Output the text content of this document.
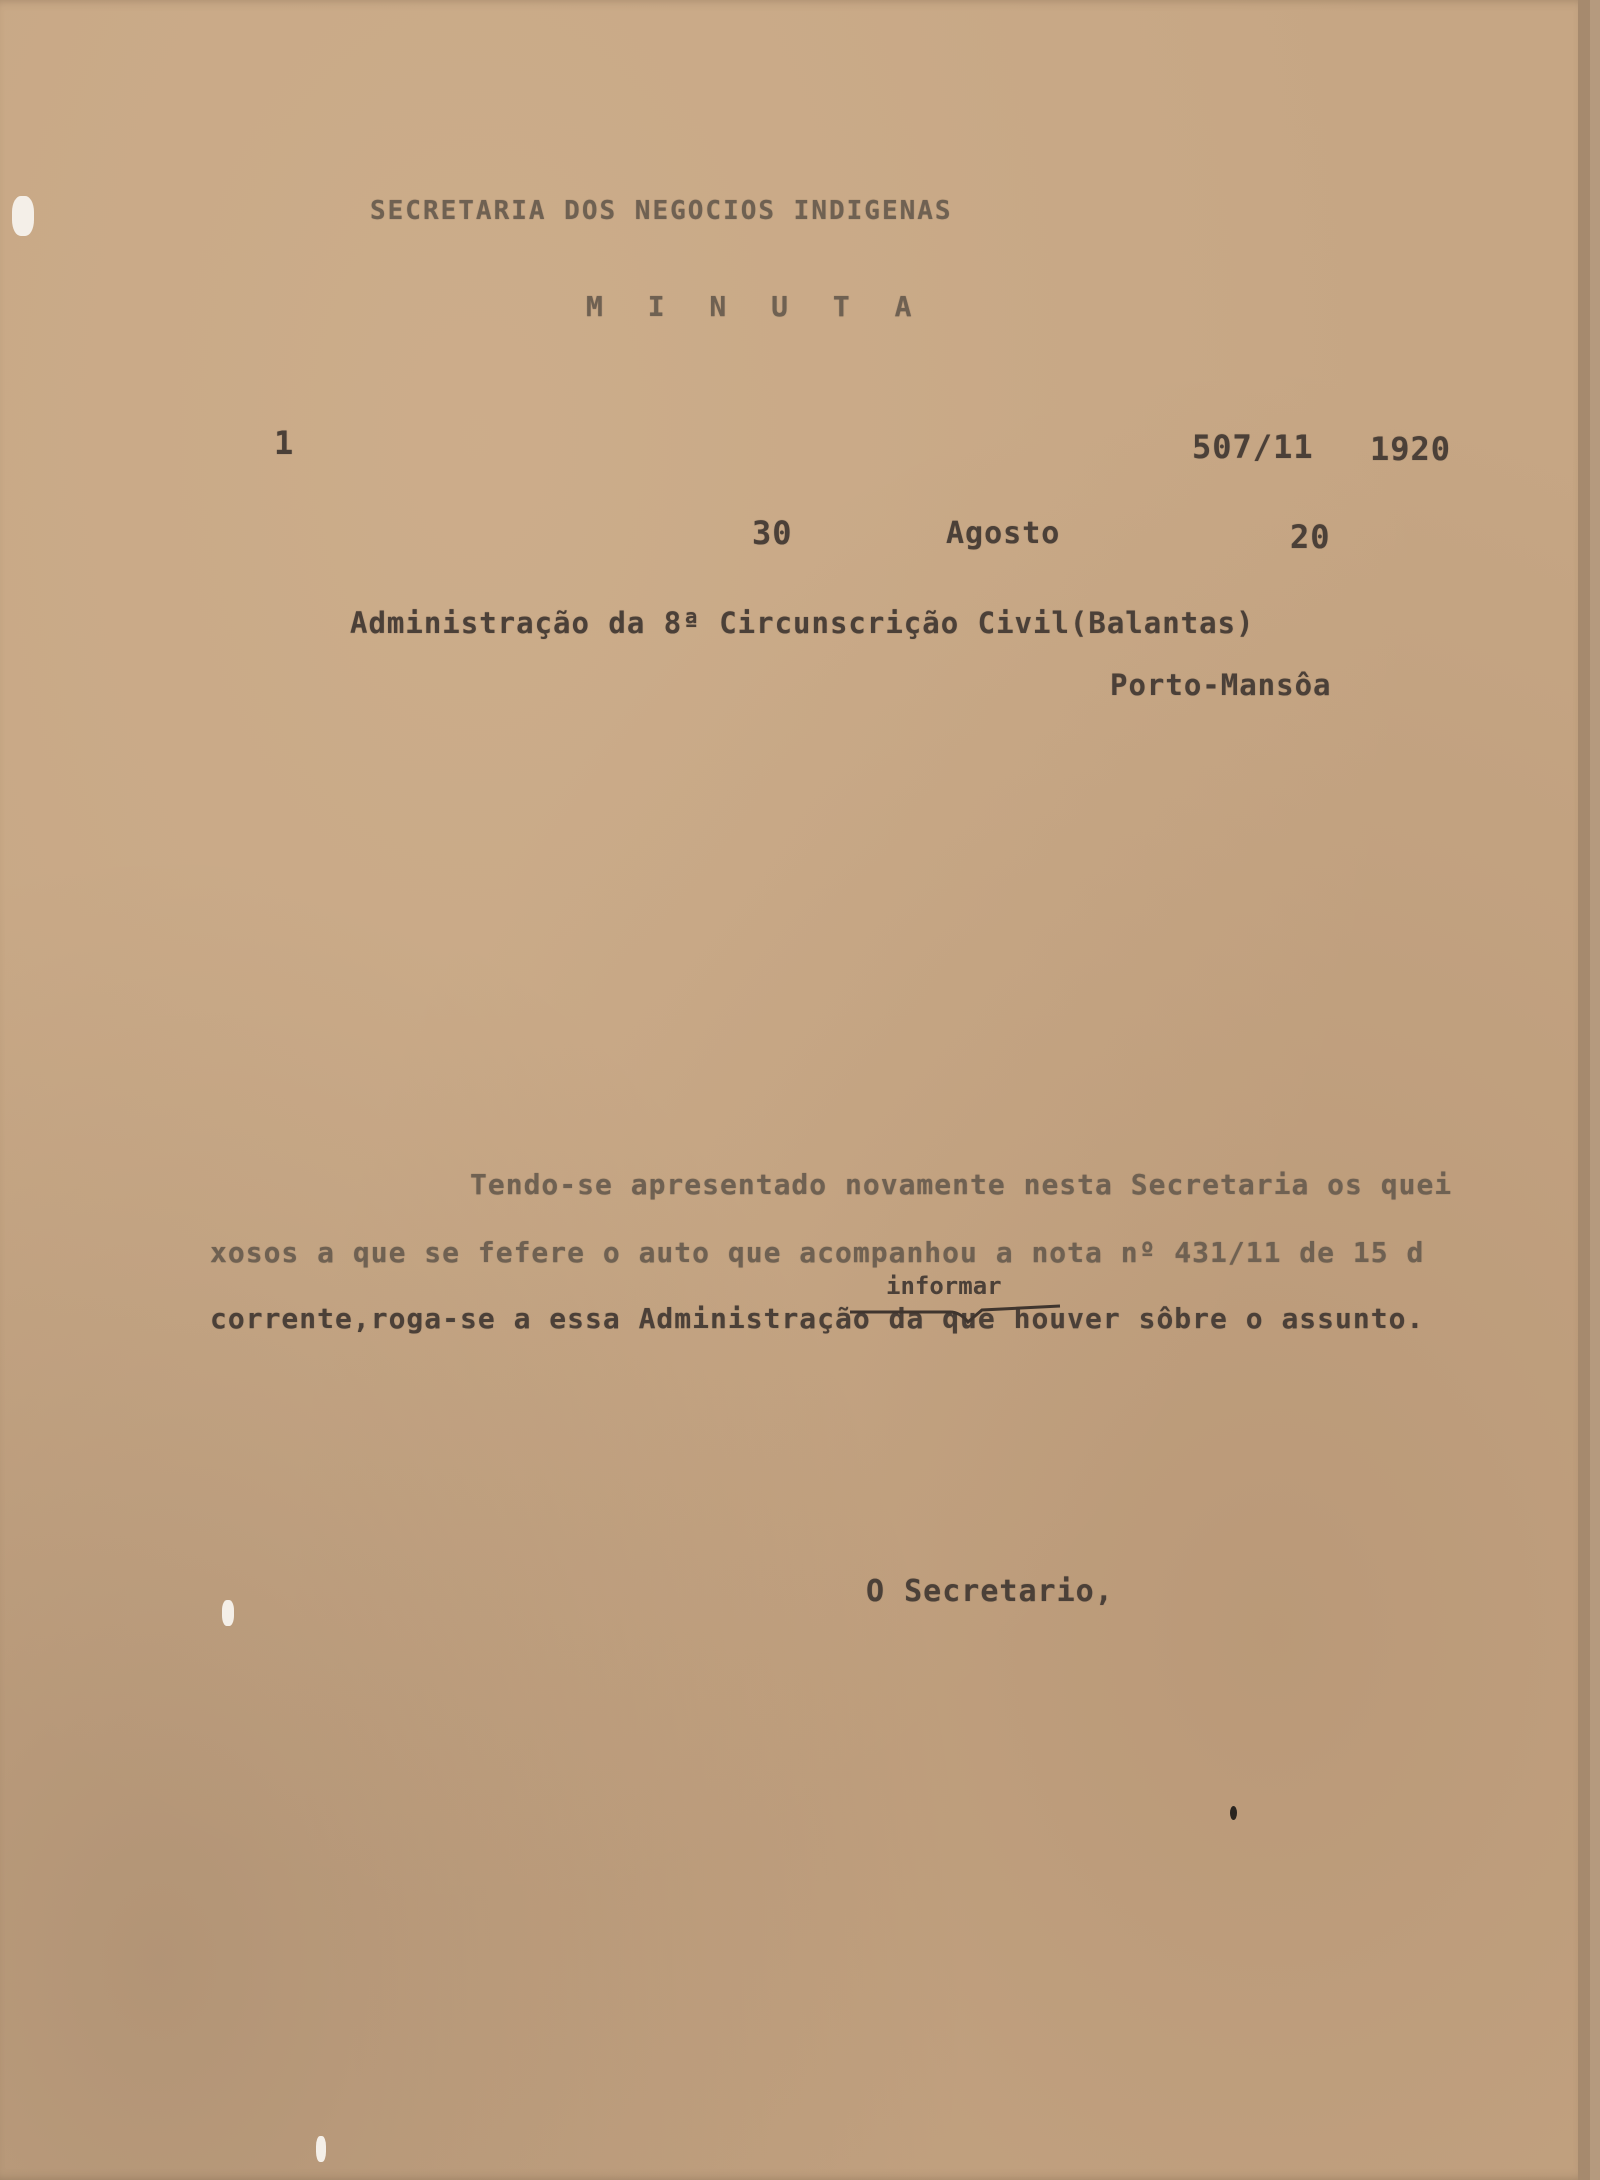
SECRETARIA DOS NEGOCIOS INDIGENAS

M I N U T A

1	507/11 1920

30	Agosto	20

Administração da 8ª Circunscrição Civil(Balantas)

Porto-Mansôa

Tendo-se apresentado novamente nesta Secretaria os quei

xosos a que se fefere o auto que acompanhou a nota nº 431/11 de 15 d

corrente,roga-se a essa Administração da que houver sôbre o assunto.

informar

O Secretario,
